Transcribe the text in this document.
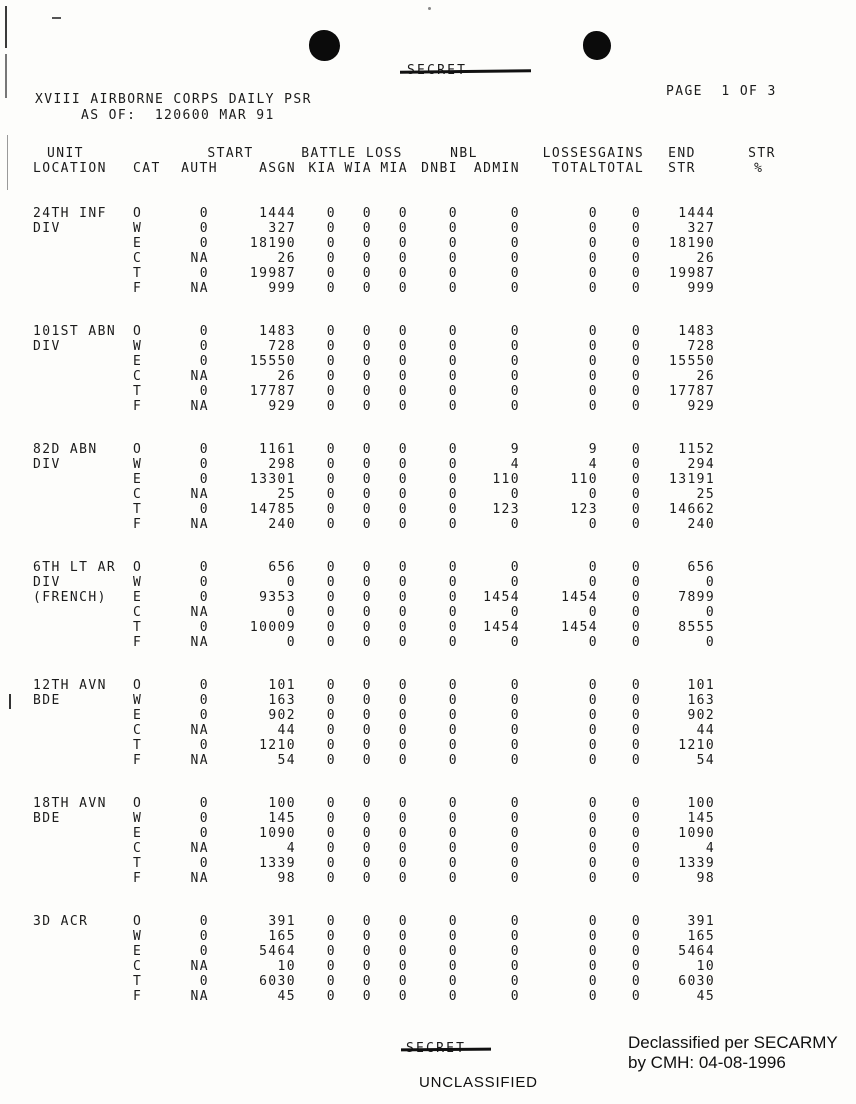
PAGE  1 OF 3
XVIII AIRBORNE CORPS DAILY PSR
AS OF:  120600 MAR 91
UNIT		START		BATTLE LOSS			NBL		LOSSES	GAINS	END	STR
LOCATION	CAT	AUTH	ASGN	KIA	WIA	MIA	DNBI	ADMIN	TOTAL	TOTAL	STR	%

24TH INF	O	0	1444	0	0	0	0	0	0	0	1444	
DIV	W	0	327	0	0	0	0	0	0	0	327	
	E	0	18190	0	0	0	0	0	0	0	18190	
	C	NA	26	0	0	0	0	0	0	0	26	
	T	0	19987	0	0	0	0	0	0	0	19987	
	F	NA	999	0	0	0	0	0	0	0	999	

101ST ABN	O	0	1483	0	0	0	0	0	0	0	1483	
DIV	W	0	728	0	0	0	0	0	0	0	728	
	E	0	15550	0	0	0	0	0	0	0	15550	
	C	NA	26	0	0	0	0	0	0	0	26	
	T	0	17787	0	0	0	0	0	0	0	17787	
	F	NA	929	0	0	0	0	0	0	0	929	

82D ABN	O	0	1161	0	0	0	0	9	9	0	1152	
DIV	W	0	298	0	0	0	0	4	4	0	294	
	E	0	13301	0	0	0	0	110	110	0	13191	
	C	NA	25	0	0	0	0	0	0	0	25	
	T	0	14785	0	0	0	0	123	123	0	14662	
	F	NA	240	0	0	0	0	0	0	0	240	

6TH LT AR	O	0	656	0	0	0	0	0	0	0	656	
DIV	W	0	0	0	0	0	0	0	0	0	0	
(FRENCH)	E	0	9353	0	0	0	0	1454	1454	0	7899	
	C	NA	0	0	0	0	0	0	0	0	0	
	T	0	10009	0	0	0	0	1454	1454	0	8555	
	F	NA	0	0	0	0	0	0	0	0	0	

12TH AVN	O	0	101	0	0	0	0	0	0	0	101	
BDE	W	0	163	0	0	0	0	0	0	0	163	
	E	0	902	0	0	0	0	0	0	0	902	
	C	NA	44	0	0	0	0	0	0	0	44	
	T	0	1210	0	0	0	0	0	0	0	1210	
	F	NA	54	0	0	0	0	0	0	0	54	

18TH AVN	O	0	100	0	0	0	0	0	0	0	100	
BDE	W	0	145	0	0	0	0	0	0	0	145	
	E	0	1090	0	0	0	0	0	0	0	1090	
	C	NA	4	0	0	0	0	0	0	0	4	
	T	0	1339	0	0	0	0	0	0	0	1339	
	F	NA	98	0	0	0	0	0	0	0	98	

3D ACR	O	0	391	0	0	0	0	0	0	0	391	
	W	0	165	0	0	0	0	0	0	0	165	
	E	0	5464	0	0	0	0	0	0	0	5464	
	C	NA	10	0	0	0	0	0	0	0	10	
	T	0	6030	0	0	0	0	0	0	0	6030	
	F	NA	45	0	0	0	0	0	0	0	45	
Declassified per SECARMY
by CMH: 04-08-1996
UNCLASSIFIED
